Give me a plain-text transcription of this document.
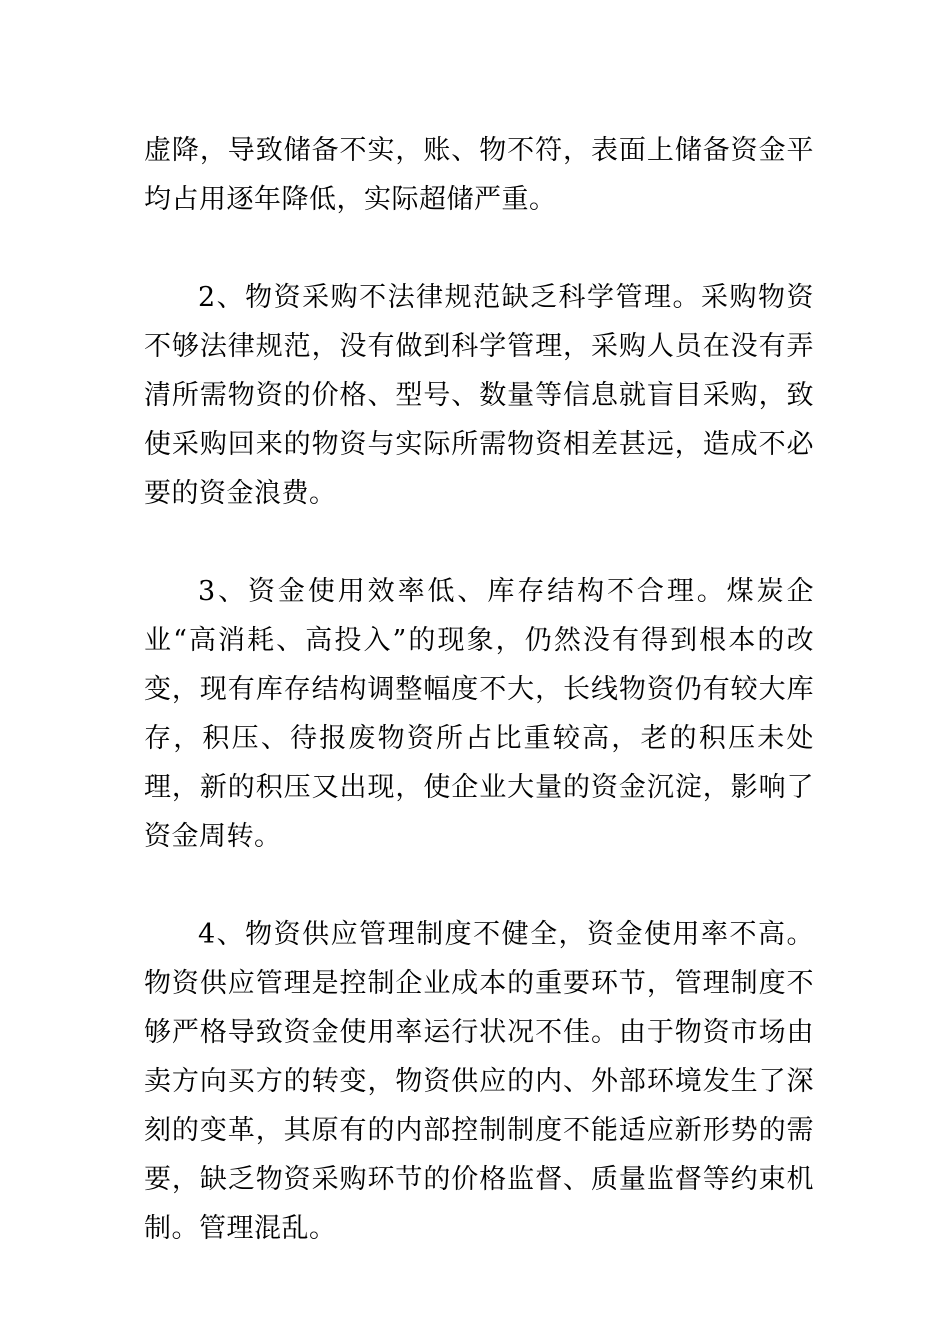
虚降，导致储备不实，账、物不符，表面上储备资金平均占用逐年降低，实际超储严重。

2、物资采购不法律规范缺乏科学管理。采购物资不够法律规范，没有做到科学管理，采购人员在没有弄清所需物资的价格、型号、数量等信息就盲目采购，致使采购回来的物资与实际所需物资相差甚远，造成不必要的资金浪费。

3、资金使用效率低、库存结构不合理。煤炭企业“高消耗、高投入”的现象，仍然没有得到根本的改变，现有库存结构调整幅度不大，长线物资仍有较大库存，积压、待报废物资所占比重较高，老的积压未处理，新的积压又出现，使企业大量的资金沉淀，影响了资金周转。

4、物资供应管理制度不健全，资金使用率不高。物资供应管理是控制企业成本的重要环节，管理制度不够严格导致资金使用率运行状况不佳。由于物资市场由卖方向买方的转变，物资供应的内、外部环境发生了深刻的变革，其原有的内部控制制度不能适应新形势的需要，缺乏物资采购环节的价格监督、质量监督等约束机制。管理混乱。
